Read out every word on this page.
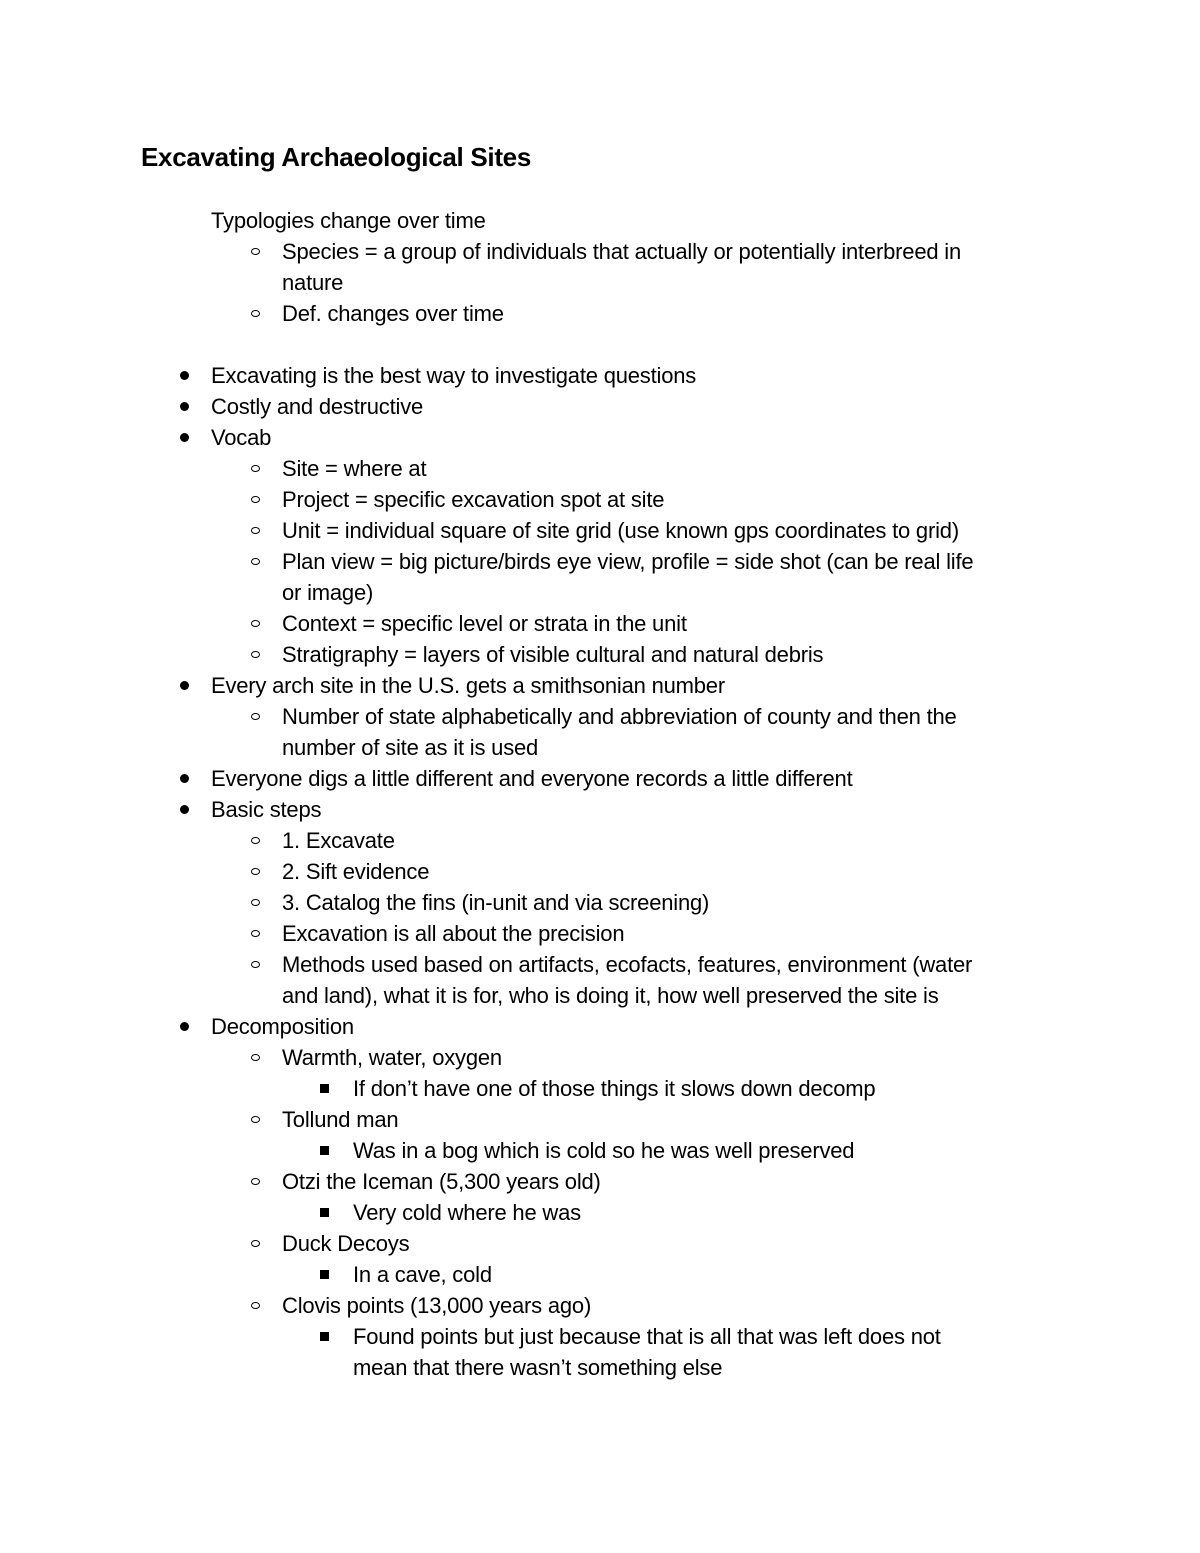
Excavating Archaeological Sites
Typologies change over time
Species = a group of individuals that actually or potentially interbreed in
nature
Def. changes over time
Excavating is the best way to investigate questions
Costly and destructive
Vocab
Site = where at
Project = specific excavation spot at site
Unit = individual square of site grid (use known gps coordinates to grid)
Plan view = big picture/birds eye view, profile = side shot (can be real life
or image)
Context = specific level or strata in the unit
Stratigraphy = layers of visible cultural and natural debris
Every arch site in the U.S. gets a smithsonian number
Number of state alphabetically and abbreviation of county and then the
number of site as it is used
Everyone digs a little different and everyone records a little different
Basic steps
1. Excavate
2. Sift evidence
3. Catalog the fins (in-unit and via screening)
Excavation is all about the precision
Methods used based on artifacts, ecofacts, features, environment (water
and land), what it is for, who is doing it, how well preserved the site is
Decomposition
Warmth, water, oxygen
If don’t have one of those things it slows down decomp
Tollund man
Was in a bog which is cold so he was well preserved
Otzi the Iceman (5,300 years old)
Very cold where he was
Duck Decoys
In a cave, cold
Clovis points (13,000 years ago)
Found points but just because that is all that was left does not
mean that there wasn’t something else
